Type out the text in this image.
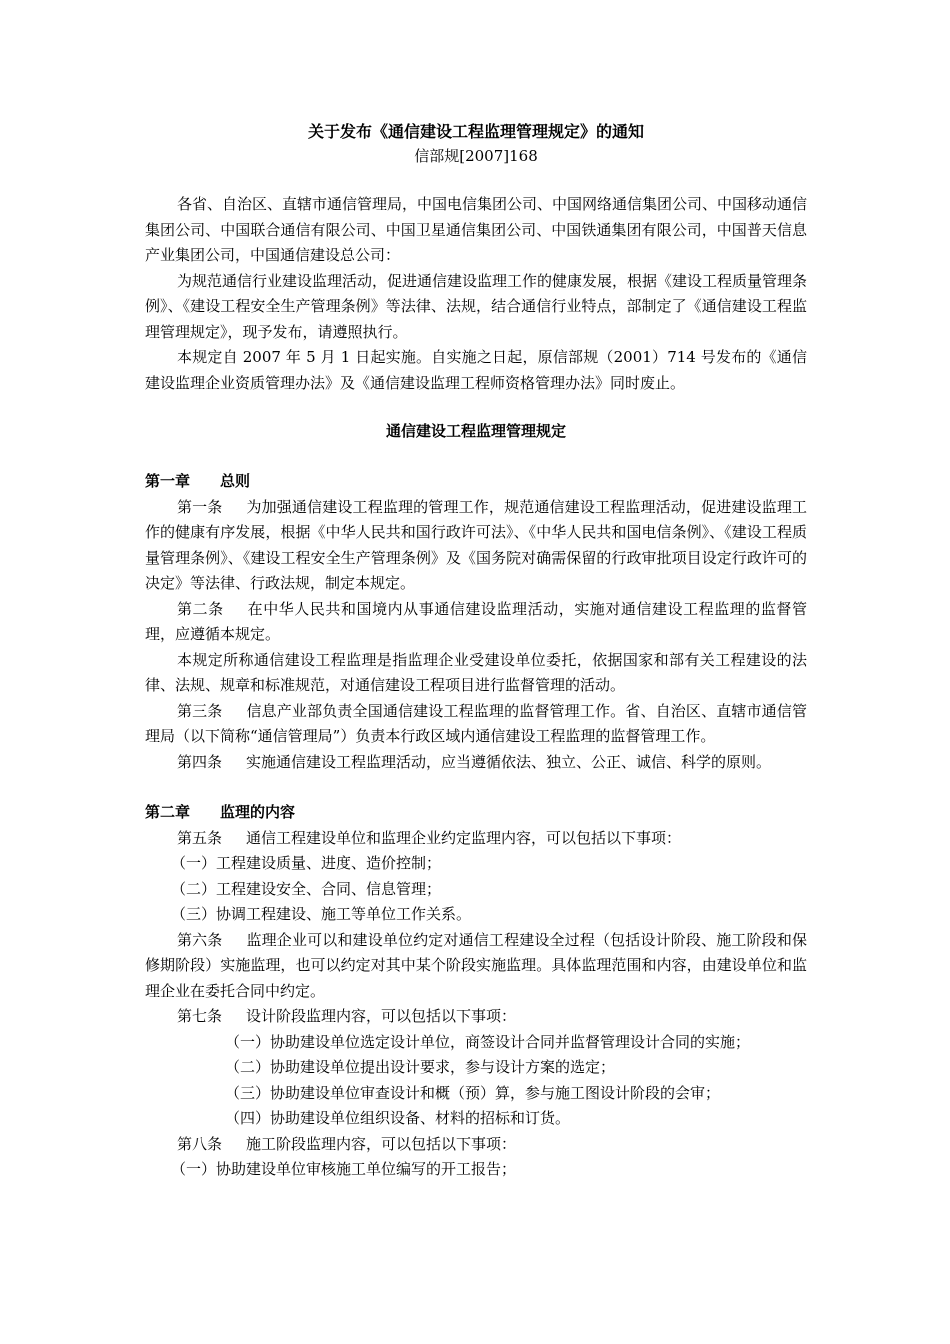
关于发布《通信建设工程监理管理规定》的通知
信部规[2007]168

各省、自治区、直辖市通信管理局，中国电信集团公司、中国网络通信集团公司、中国移动通信集团公司、中国联合通信有限公司、中国卫星通信集团公司、中国铁通集团有限公司，中国普天信息产业集团公司，中国通信建设总公司：

为规范通信行业建设监理活动，促进通信建设监理工作的健康发展，根据《建设工程质量管理条例》、《建设工程安全生产管理条例》等法律、法规，结合通信行业特点，部制定了《通信建设工程监理管理规定》，现予发布，请遵照执行。

本规定自 2007 年 5 月 1 日起实施。自实施之日起，原信部规（2001）714 号发布的《通信建设监理企业资质管理办法》及《通信建设监理工程师资格管理办法》同时废止。

通信建设工程监理管理规定
第一章　　总则

第一条 为加强通信建设工程监理的管理工作，规范通信建设工程监理活动，促进建设监理工作的健康有序发展，根据《中华人民共和国行政许可法》、《中华人民共和国电信条例》、《建设工程质量管理条例》、《建设工程安全生产管理条例》及《国务院对确需保留的行政审批项目设定行政许可的决定》等法律、行政法规，制定本规定。

第二条 在中华人民共和国境内从事通信建设监理活动，实施对通信建设工程监理的监督管理，应遵循本规定。

本规定所称通信建设工程监理是指监理企业受建设单位委托，依据国家和部有关工程建设的法律、法规、规章和标准规范，对通信建设工程项目进行监督管理的活动。

第三条 信息产业部负责全国通信建设工程监理的监督管理工作。省、自治区、直辖市通信管理局（以下简称“通信管理局”）负责本行政区域内通信建设工程监理的监督管理工作。

第四条 实施通信建设工程监理活动，应当遵循依法、独立、公正、诚信、科学的原则。

第二章　　监理的内容

第五条 通信工程建设单位和监理企业约定监理内容，可以包括以下事项：

（一）工程建设质量、进度、造价控制；

（二）工程建设安全、合同、信息管理；

（三）协调工程建设、施工等单位工作关系。

第六条 监理企业可以和建设单位约定对通信工程建设全过程（包括设计阶段、施工阶段和保修期阶段）实施监理，也可以约定对其中某个阶段实施监理。具体监理范围和内容，由建设单位和监理企业在委托合同中约定。

第七条 设计阶段监理内容，可以包括以下事项：

（一）协助建设单位选定设计单位，商签设计合同并监督管理设计合同的实施；

（二）协助建设单位提出设计要求，参与设计方案的选定；

（三）协助建设单位审查设计和概（预）算，参与施工图设计阶段的会审；

（四）协助建设单位组织设备、材料的招标和订货。

第八条 施工阶段监理内容，可以包括以下事项：

（一）协助建设单位审核施工单位编写的开工报告；
